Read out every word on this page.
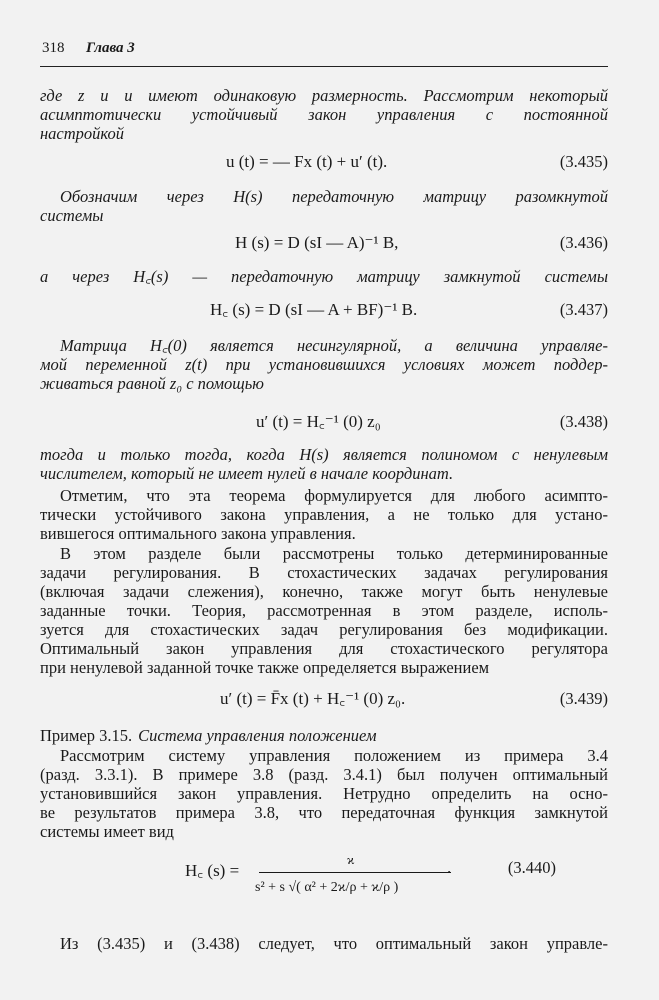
318 Глава 3

где z и u имеют одинаковую размерность. Рассмотрим некоторый

асимптотически устойчивый закон управления с постоянной

настройкой

u (t) = — Fx (t) + u′ (t).	(3.435)

Обозначим через H(s) передаточную матрицу разомкнутой

системы

H (s) = D (sI — A)⁻¹ B,	(3.436)

а через H꜀(s) — передаточную матрицу замкнутой системы

H꜀ (s) = D (sI — A + BF)⁻¹ B.	(3.437)

Матрица H꜀(0) является несингулярной, а величина управляе-

мой переменной z(t) при установившихся условиях может поддер-

живаться равной z₀ с помощью

u′ (t) = H꜀⁻¹ (0) z₀	(3.438)

тогда и только тогда, когда H(s) является полиномом с ненулевым

числителем, который не имеет нулей в начале координат.

Отметим, что эта теорема формулируется для любого асимпто-

тически устойчивого закона управления, а не только для устано-

вившегося оптимального закона управления.

В этом разделе были рассмотрены только детерминированные

задачи регулирования. В стохастических задачах регулирования

(включая задачи слежения), конечно, также могут быть ненулевые

заданные точки. Теория, рассмотренная в этом разделе, исполь-

зуется для стохастических задач регулирования без модификации.

Оптимальный закон управления для стохастического регулятора

при ненулевой заданной точке также определяется выражением

u′ (t) = F̄x (t) + H꜀⁻¹ (0) z₀.	(3.439)
Пример 3.15. Система управления положением

Рассмотрим систему управления положением из примера 3.4

(разд. 3.3.1). В примере 3.8 (разд. 3.4.1) был получен оптимальный

установившийся закон управления. Нетрудно определить на осно-

ве результатов примера 3.8, что передаточная функция замкнутой

системы имеет вид

H꜀ (s) =
ϰ	.
s² + s √( α² + 2ϰ/ρ + ϰ/ρ )
(3.440)

Из (3.435) и (3.438) следует, что оптимальный закон управле-
